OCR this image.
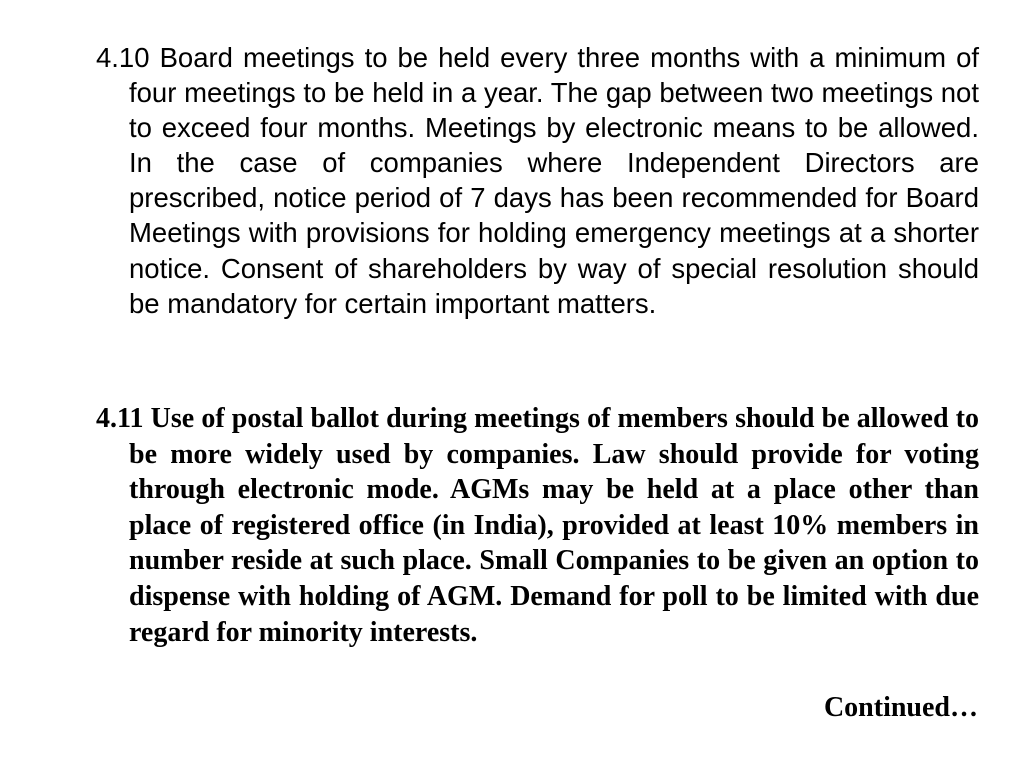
4.10 Board meetings to be held every three months with a minimum of four meetings to be held in a year. The gap between two meetings not to exceed four months. Meetings by electronic means to be allowed. In the case of companies where Independent Directors are prescribed, notice period of 7 days has been recommended for Board Meetings with provisions for holding emergency meetings at a shorter notice. Consent of shareholders by way of special resolution should be mandatory for certain important matters.

4.11 Use of postal ballot during meetings of members should be allowed to be more widely used by companies. Law should provide for voting through electronic mode. AGMs may be held at a place other than place of registered office (in India), provided at least 10% members in number reside at such place. Small Companies to be given an option to dispense with holding of AGM. Demand for poll to be limited with due regard for minority interests.

Continued…
